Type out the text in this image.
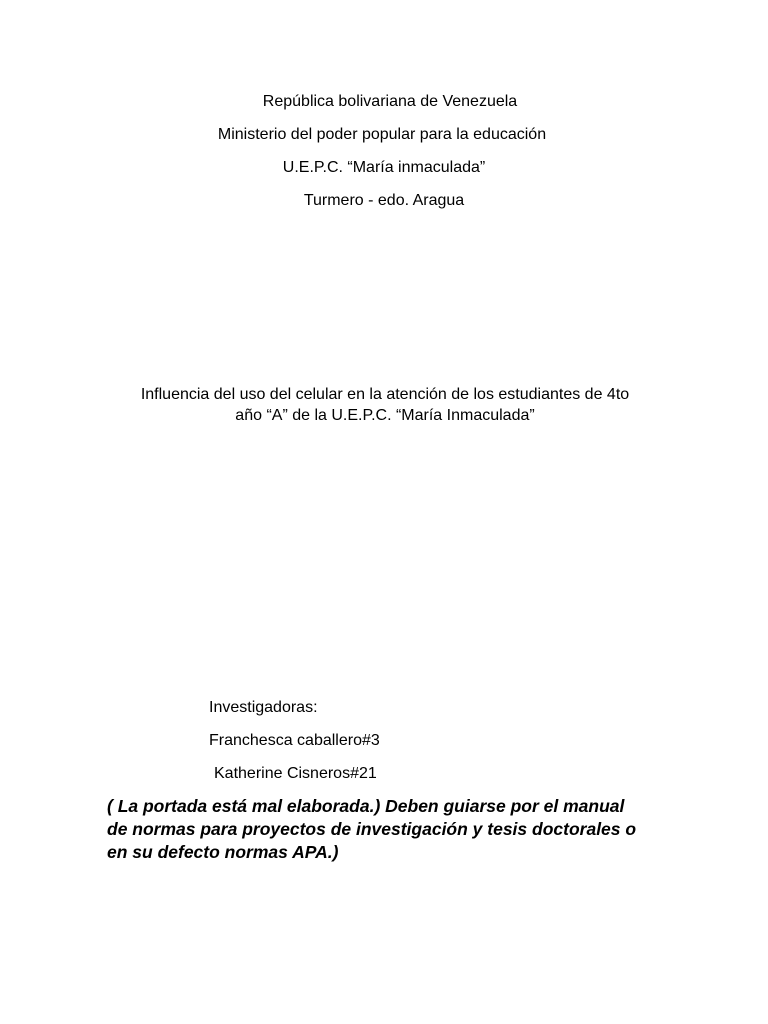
República bolivariana de Venezuela
Ministerio del poder popular para la educación
U.E.P.C. “María inmaculada”
Turmero - edo. Aragua
Influencia del uso del celular en la atención de los estudiantes de 4to
año “A” de la U.E.P.C. “María Inmaculada”
Investigadoras:
Franchesca caballero#3
Katherine Cisneros#21
( La portada está mal elaborada.) Deben guiarse por el manual
de normas para proyectos de investigación y tesis doctorales o
en su defecto normas APA.)
